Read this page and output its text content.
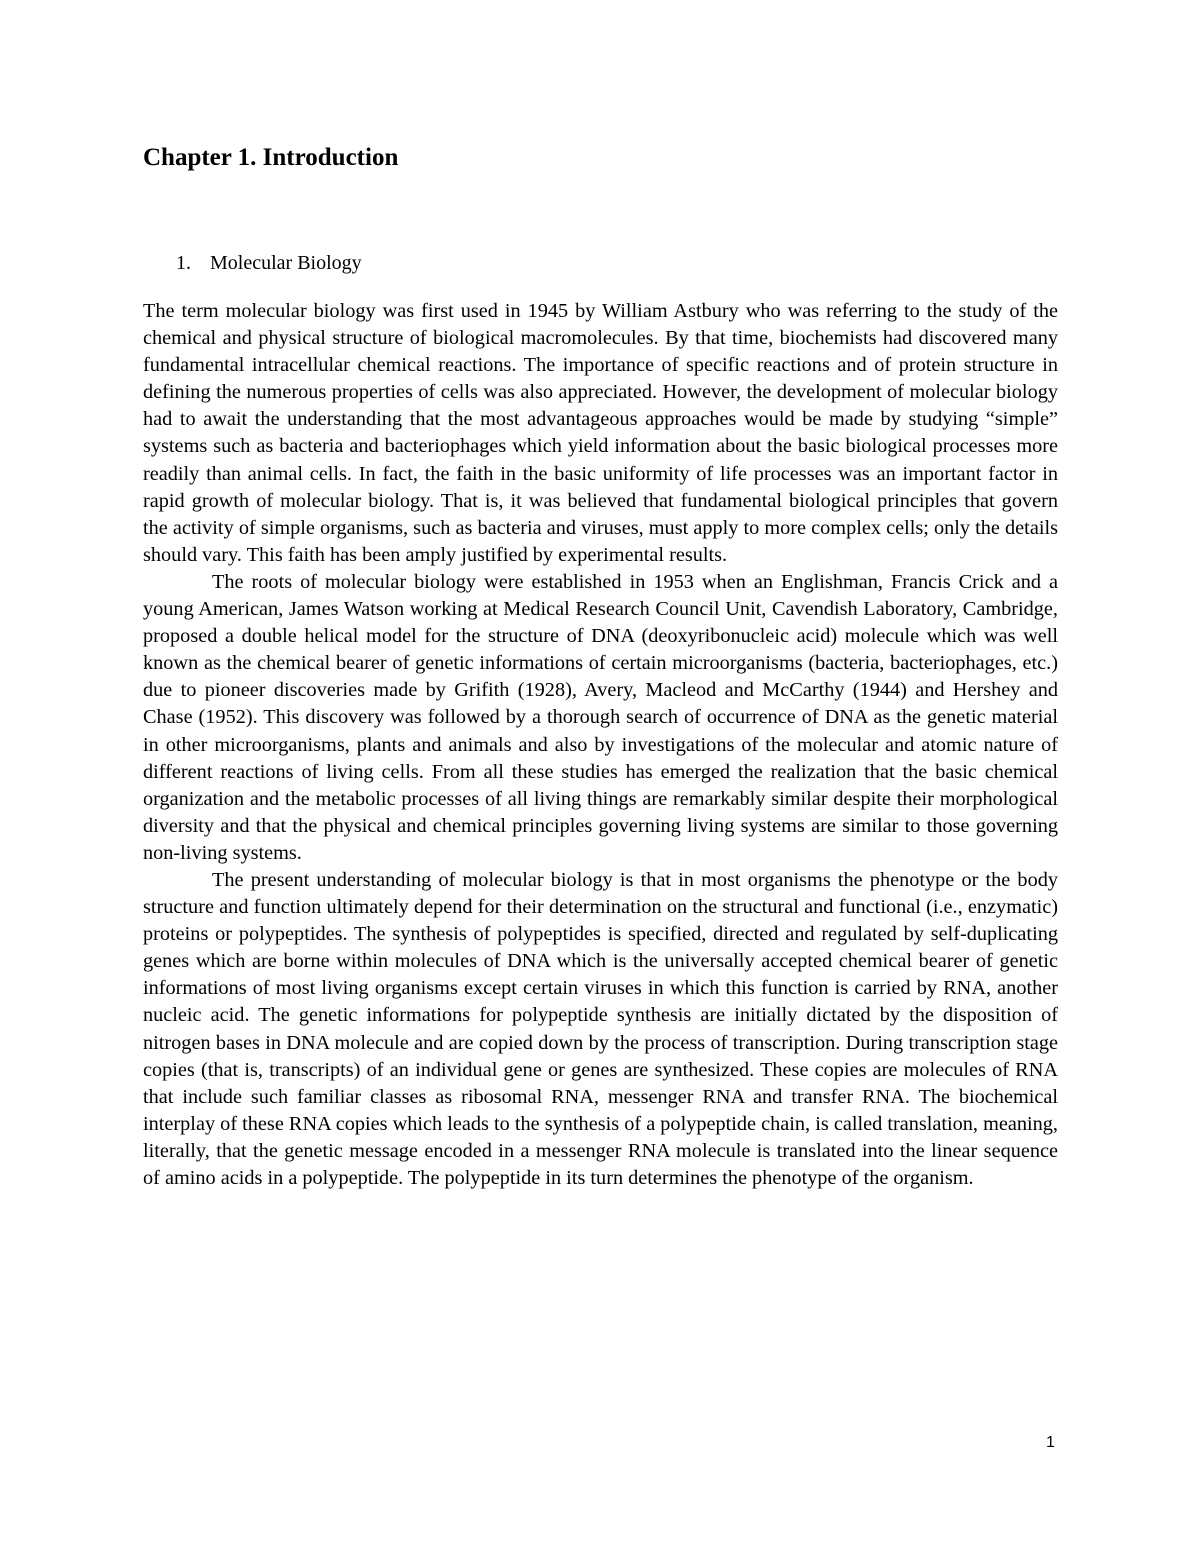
Chapter 1. Introduction
1. Molecular Biology

The term molecular biology was first used in 1945 by William Astbury who was referring to the study of the chemical and physical structure of biological macromolecules. By that time, biochemists had discovered many fundamental intracellular chemical reactions. The importance of specific reactions and of protein structure in defining the numerous properties of cells was also appreciated. However, the development of molecular biology had to await the understanding that the most advantageous approaches would be made by studying “simple” systems such as bacteria and bacteriophages which yield information about the basic biological processes more readily than animal cells. In fact, the faith in the basic uniformity of life processes was an important factor in rapid growth of molecular biology. That is, it was believed that fundamental biological principles that govern the activity of simple organisms, such as bacteria and viruses, must apply to more complex cells; only the details should vary. This faith has been amply justified by experimental results.

The roots of molecular biology were established in 1953 when an Englishman, Francis Crick and a young American, James Watson working at Medical Research Council Unit, Cavendish Laboratory, Cambridge, proposed a double helical model for the structure of DNA (deoxyribonucleic acid) molecule which was well known as the chemical bearer of genetic informations of certain microorganisms (bacteria, bacteriophages, etc.) due to pioneer discoveries made by Grifith (1928), Avery, Macleod and McCarthy (1944) and Hershey and Chase (1952). This discovery was followed by a thorough search of occurrence of DNA as the genetic material in other microorganisms, plants and animals and also by investigations of the molecular and atomic nature of different reactions of living cells. From all these studies has emerged the realization that the basic chemical organization and the metabolic processes of all living things are remarkably similar despite their morphological diversity and that the physical and chemical principles governing living systems are similar to those governing non-living systems.

The present understanding of molecular biology is that in most organisms the phenotype or the body structure and function ultimately depend for their determination on the structural and functional (i.e., enzymatic) proteins or polypeptides. The synthesis of polypeptides is specified, directed and regulated by self-duplicating genes which are borne within molecules of DNA which is the universally accepted chemical bearer of genetic informations of most living organisms except certain viruses in which this function is carried by RNA, another nucleic acid. The genetic informations for polypeptide synthesis are initially dictated by the disposition of nitrogen bases in DNA molecule and are copied down by the process of transcription. During transcription stage copies (that is, transcripts) of an individual gene or genes are synthesized. These copies are molecules of RNA that include such familiar classes as ribosomal RNA, messenger RNA and transfer RNA. The biochemical interplay of these RNA copies which leads to the synthesis of a polypeptide chain, is called translation, meaning, literally, that the genetic message encoded in a messenger RNA molecule is translated into the linear sequence of amino acids in a polypeptide. The polypeptide in its turn determines the phenotype of the organism.

1
